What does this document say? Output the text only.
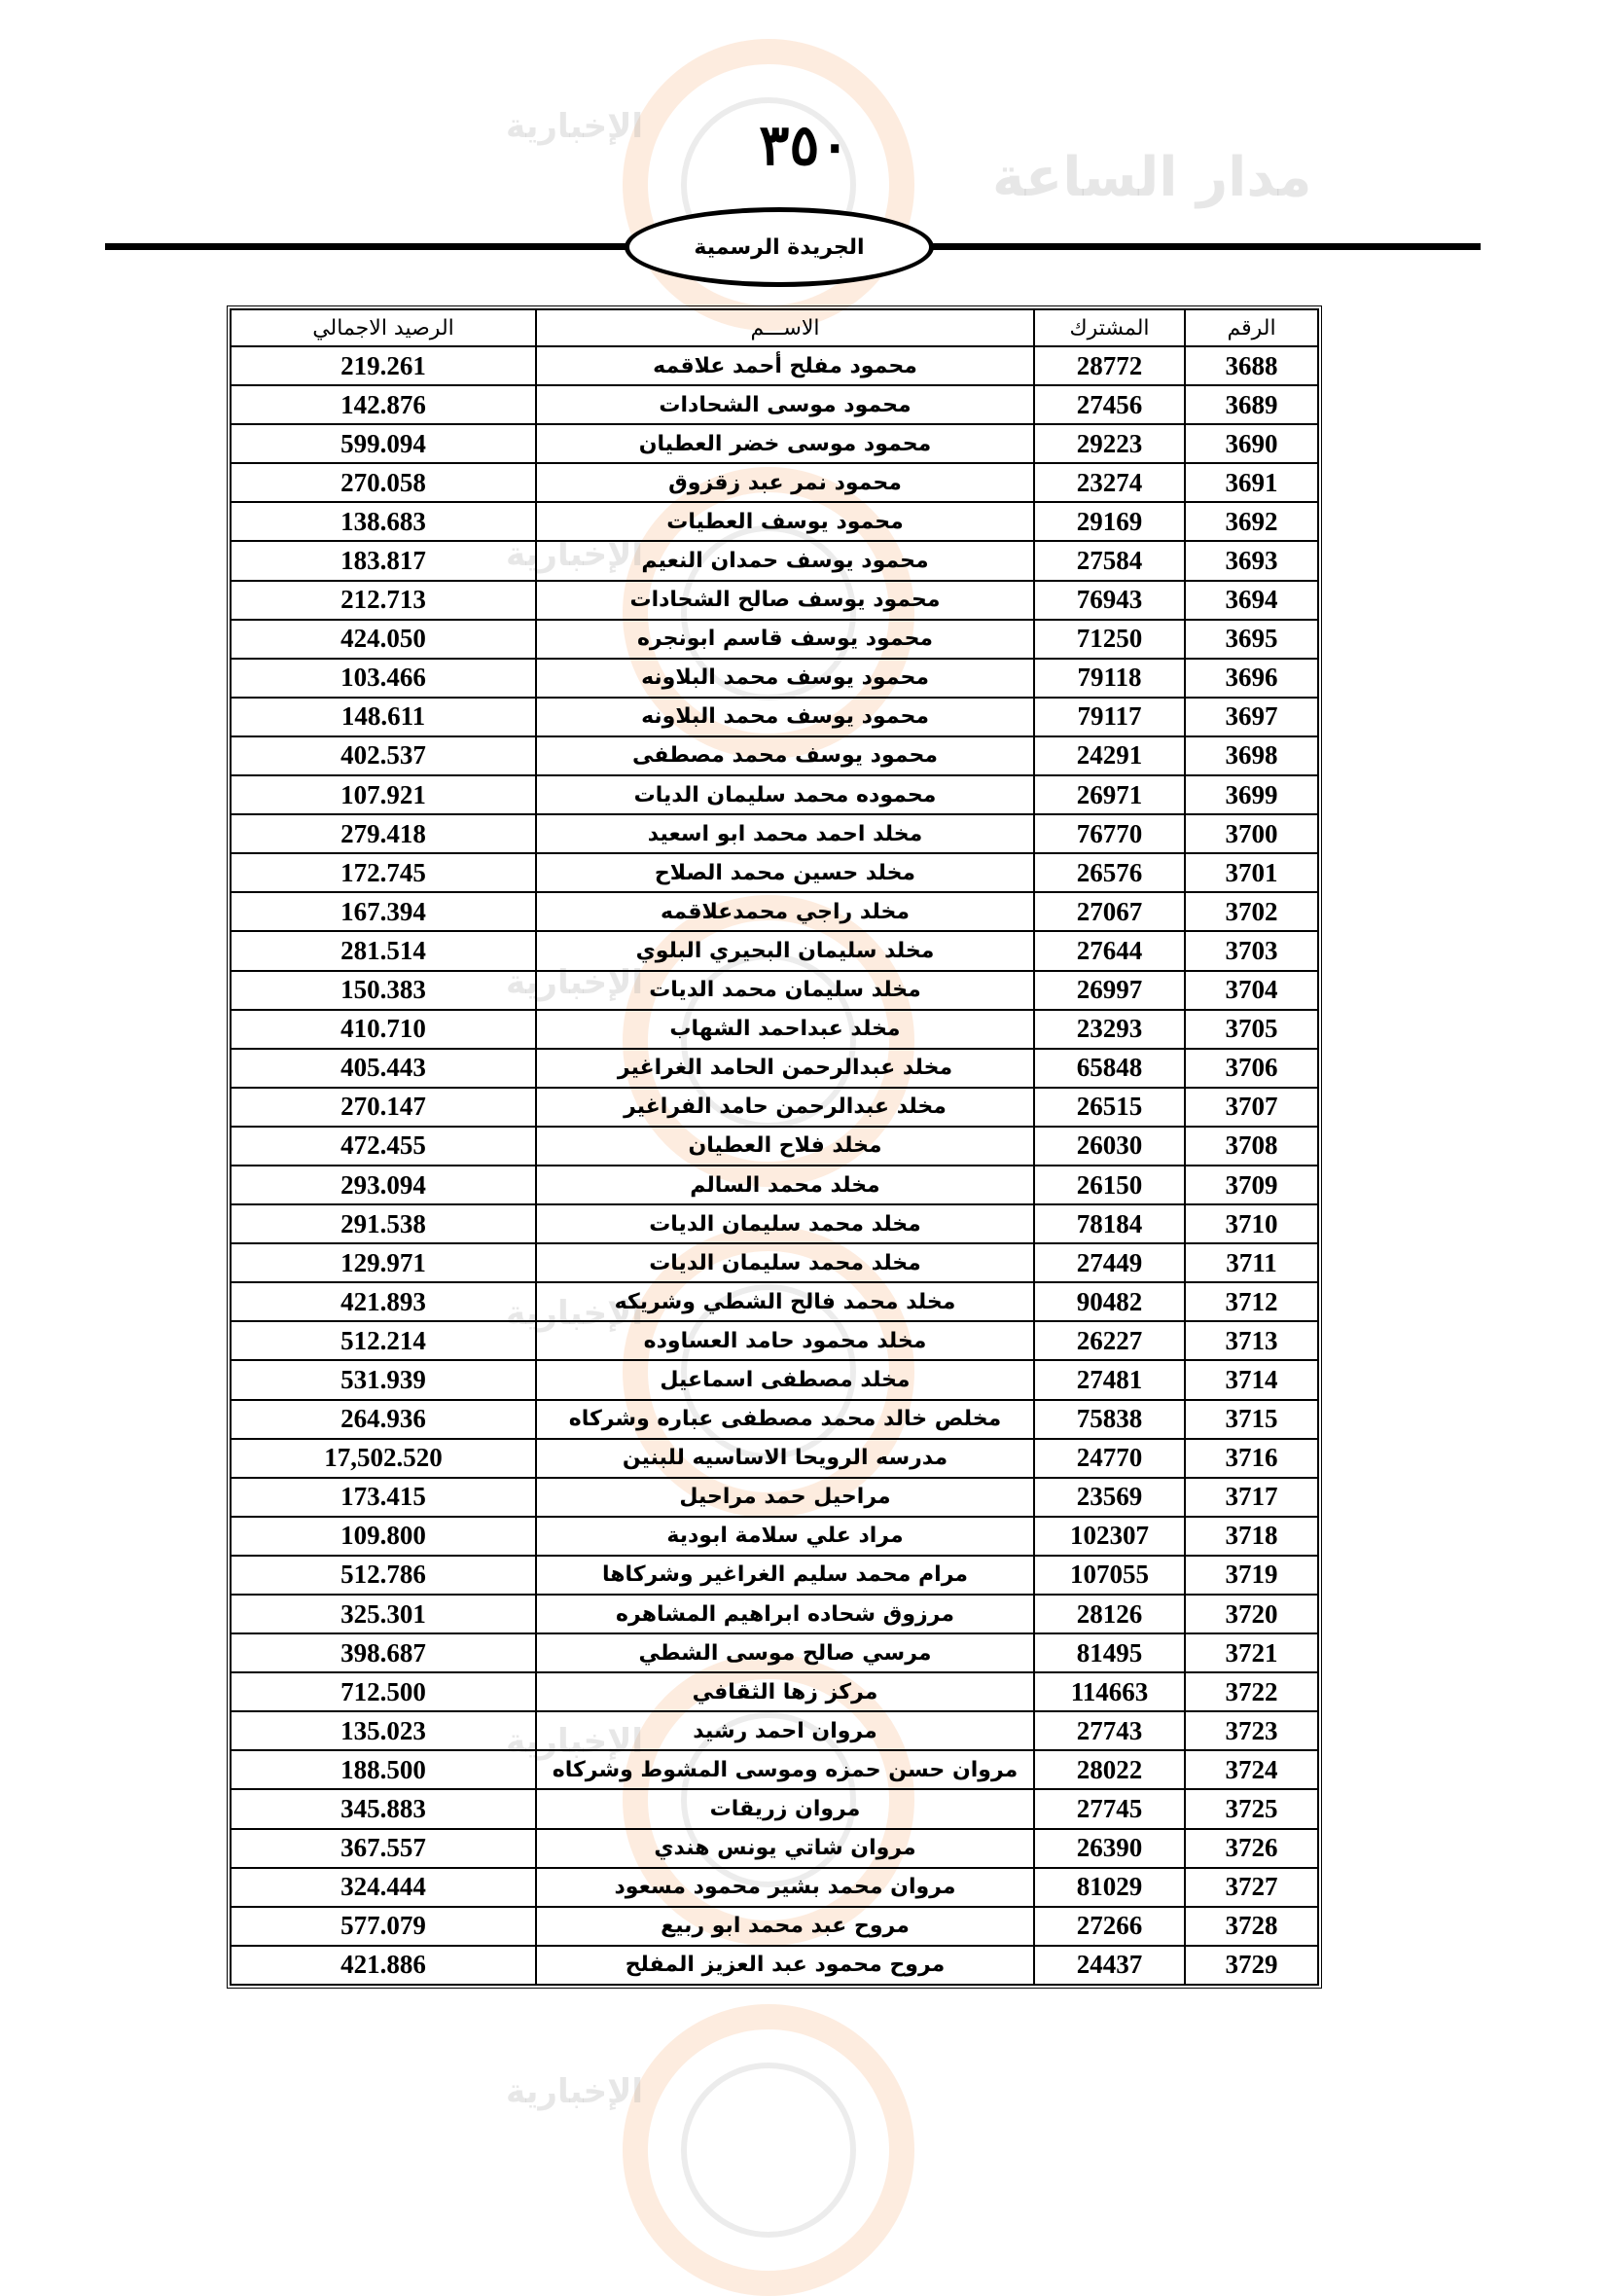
الإخبارية
مدار الساعة
الإخبارية
الإخبارية
الإخبارية
الإخبارية
الإخبارية
٣٥٠
الجريدة الرسمية
الرقم	المشترك	الاســـم	الرصيد الاجمالي
3688	28772	محمود مفلح أحمد علاقمه	219.261
3689	27456	محمود موسى الشحادات	142.876
3690	29223	محمود موسى خضر العطيان	599.094
3691	23274	محمود نمر عبد زقزوق	270.058
3692	29169	محمود يوسف العطيات	138.683
3693	27584	محمود يوسف حمدان النعيم	183.817
3694	76943	محمود يوسف صالح الشحادات	212.713
3695	71250	محمود يوسف قاسم ابونجره	424.050
3696	79118	محمود يوسف محمد البلاونه	103.466
3697	79117	محمود يوسف محمد البلاونه	148.611
3698	24291	محمود يوسف محمد مصطفى	402.537
3699	26971	محموده محمد سليمان الديات	107.921
3700	76770	مخلد احمد محمد ابو اسعيد	279.418
3701	26576	مخلد حسين محمد الصلاح	172.745
3702	27067	مخلد راجي محمدعلاقمه	167.394
3703	27644	مخلد سليمان البحيري البلوي	281.514
3704	26997	مخلد سليمان محمد الديات	150.383
3705	23293	مخلد عبداحمد الشهاب	410.710
3706	65848	مخلد عبدالرحمن الحامد الغراغير	405.443
3707	26515	مخلد عبدالرحمن حامد الفراغير	270.147
3708	26030	مخلد فلاح العطيان	472.455
3709	26150	مخلد محمد السالم	293.094
3710	78184	مخلد محمد سليمان الديات	291.538
3711	27449	مخلد محمد سليمان الديات	129.971
3712	90482	مخلد محمد فالح الشطي وشريكه	421.893
3713	26227	مخلد محمود حامد العساوده	512.214
3714	27481	مخلد مصطفى اسماعيل	531.939
3715	75838	مخلص خالد محمد مصطفى عباره وشركاه	264.936
3716	24770	مدرسه الرويحا الاساسيه للبنين	17,502.520
3717	23569	مراحيل حمد مراحيل	173.415
3718	102307	مراد علي سلامة ابودية	109.800
3719	107055	مرام محمد سليم الغراغير وشركاها	512.786
3720	28126	مرزوق شحاده ابراهيم المشاهره	325.301
3721	81495	مرسي صالح موسى الشطي	398.687
3722	114663	مركز زها الثقافي	712.500
3723	27743	مروان احمد رشيد	135.023
3724	28022	مروان حسن حمزه وموسى المشوط وشركاه	188.500
3725	27745	مروان زريقات	345.883
3726	26390	مروان شاتي يونس هندي	367.557
3727	81029	مروان محمد بشير محمود مسعود	324.444
3728	27266	مروح عبد محمد ابو ربيع	577.079
3729	24437	مروح محمود عبد العزيز المفلح	421.886
